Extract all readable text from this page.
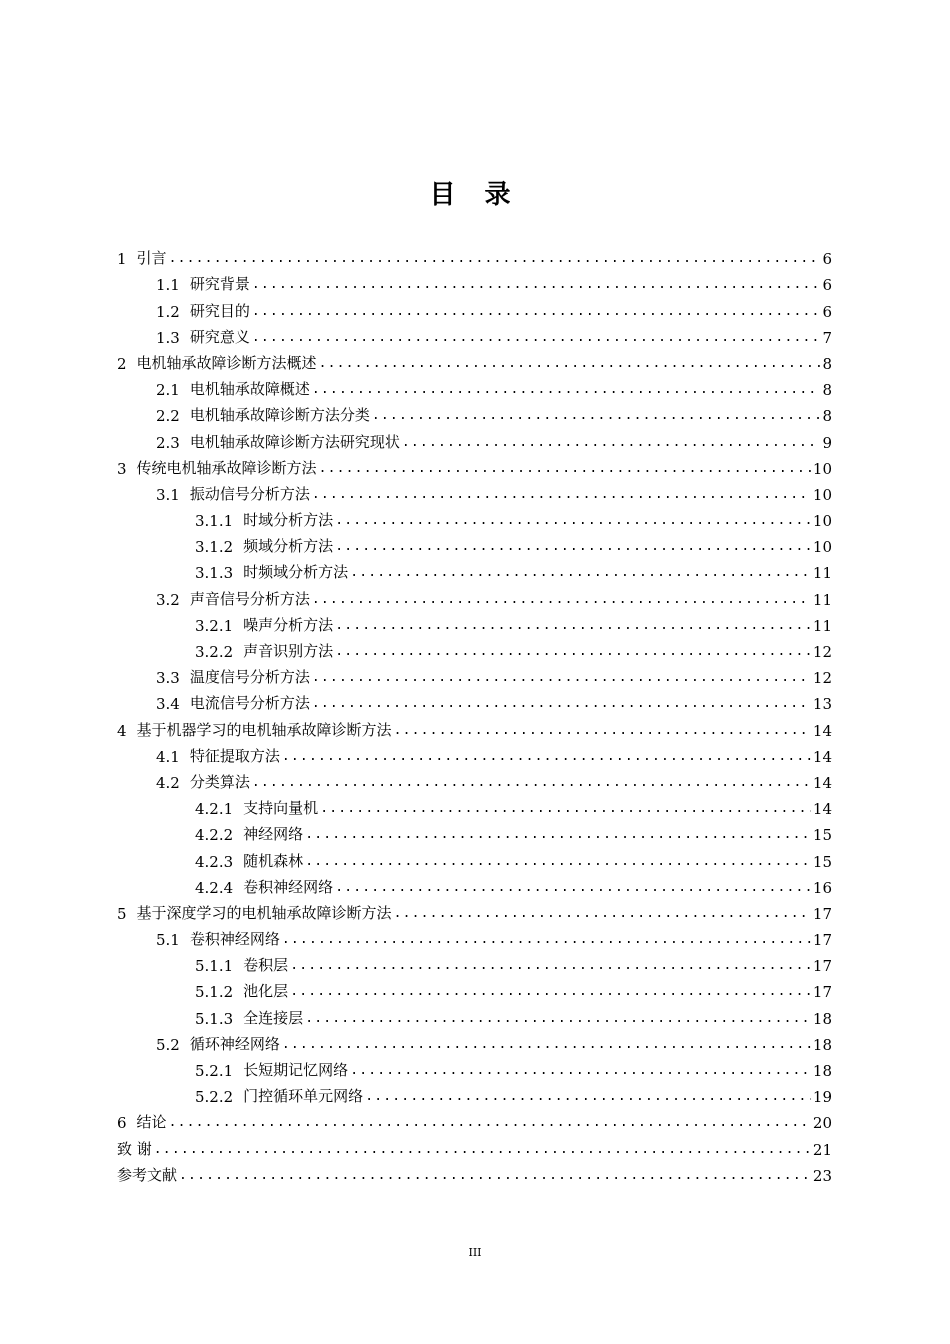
目 录
1 引言 .....	6
1.1 研究背景 .....	6
1.2 研究目的 .....	6
1.3 研究意义 .....	7
2 电机轴承故障诊断方法概述 .....	8
2.1 电机轴承故障概述 .....	8
2.2 电机轴承故障诊断方法分类 .....	8
2.3 电机轴承故障诊断方法研究现状 .....	9
3 传统电机轴承故障诊断方法 .....	10
3.1 振动信号分析方法 .....	10
3.1.1 时域分析方法 .....	10
3.1.2 频域分析方法 .....	10
3.1.3 时频域分析方法 .....	11
3.2 声音信号分析方法 .....	11
3.2.1 噪声分析方法 .....	11
3.2.2 声音识别方法 .....	12
3.3 温度信号分析方法 .....	12
3.4 电流信号分析方法 .....	13
4 基于机器学习的电机轴承故障诊断方法 .....	14
4.1 特征提取方法 .....	14
4.2 分类算法 .....	14
4.2.1 支持向量机 .....	14
4.2.2 神经网络 .....	15
4.2.3 随机森林 .....	15
4.2.4 卷积神经网络 .....	16
5 基于深度学习的电机轴承故障诊断方法 .....	17
5.1 卷积神经网络 .....	17
5.1.1 卷积层 .....	17
5.1.2 池化层 .....	17
5.1.3 全连接层 .....	18
5.2 循环神经网络 .....	18
5.2.1 长短期记忆网络 .....	18
5.2.2 门控循环单元网络 .....	19
6 结论 .....	20
致 谢 .....	21
参考文献 .....	23
III
